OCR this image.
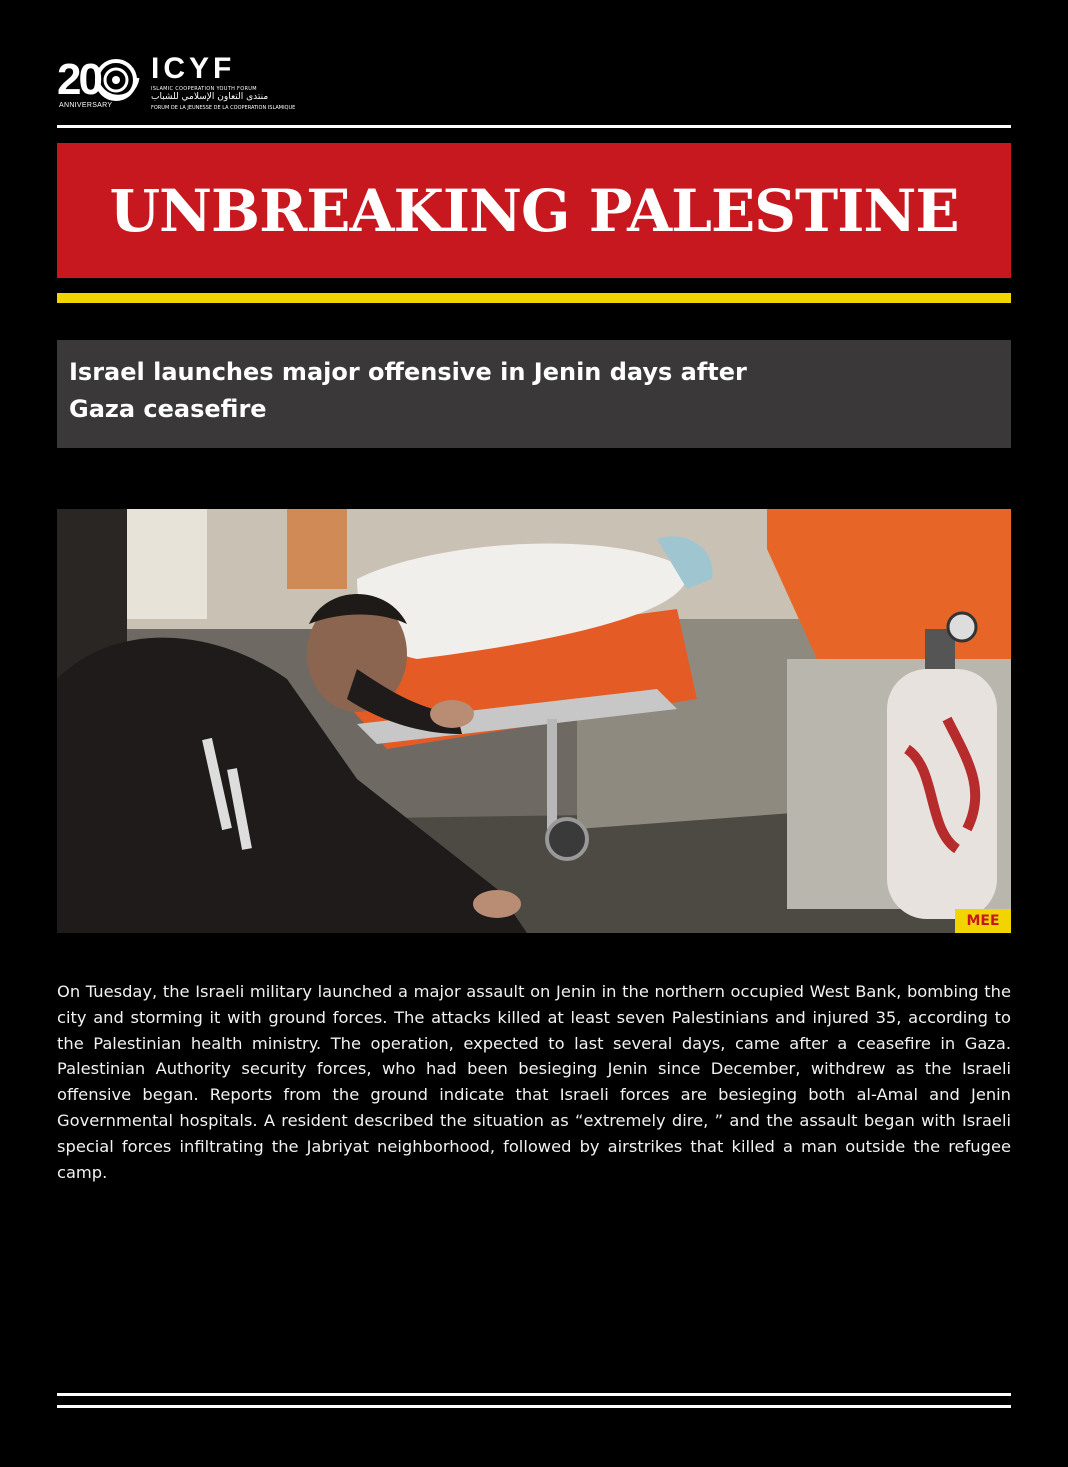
20
ANNIVERSARY
ICYF
ISLAMIC COOPERATION YOUTH FORUM
منتدى التعاون الإسلامي للشباب
FORUM DE LA JEUNESSE DE LA COOPERATION ISLAMIQUE
UNBREAKING PALESTINE
Israel launches major offensive in Jenin days after Gaza ceasefire
MEE

On Tuesday, the Israeli military launched a major assault on Jenin in the northern occupied West Bank, bombing the city and storming it with ground forces. The attacks killed at least seven Palestinians and injured 35, according to the Palestinian health ministry. The operation, expected to last several days, came after a ceasefire in Gaza. Palestinian Authority security forces, who had been besieging Jenin since December, withdrew as the Israeli offensive began. Reports from the ground indicate that Israeli forces are besieging both al-Amal and Jenin Governmental hospitals. A resident described the situation as “extremely dire, ” and the assault began with Israeli special forces infiltrating the Jabriyat neighborhood, followed by airstrikes that killed a man outside the refugee camp.
